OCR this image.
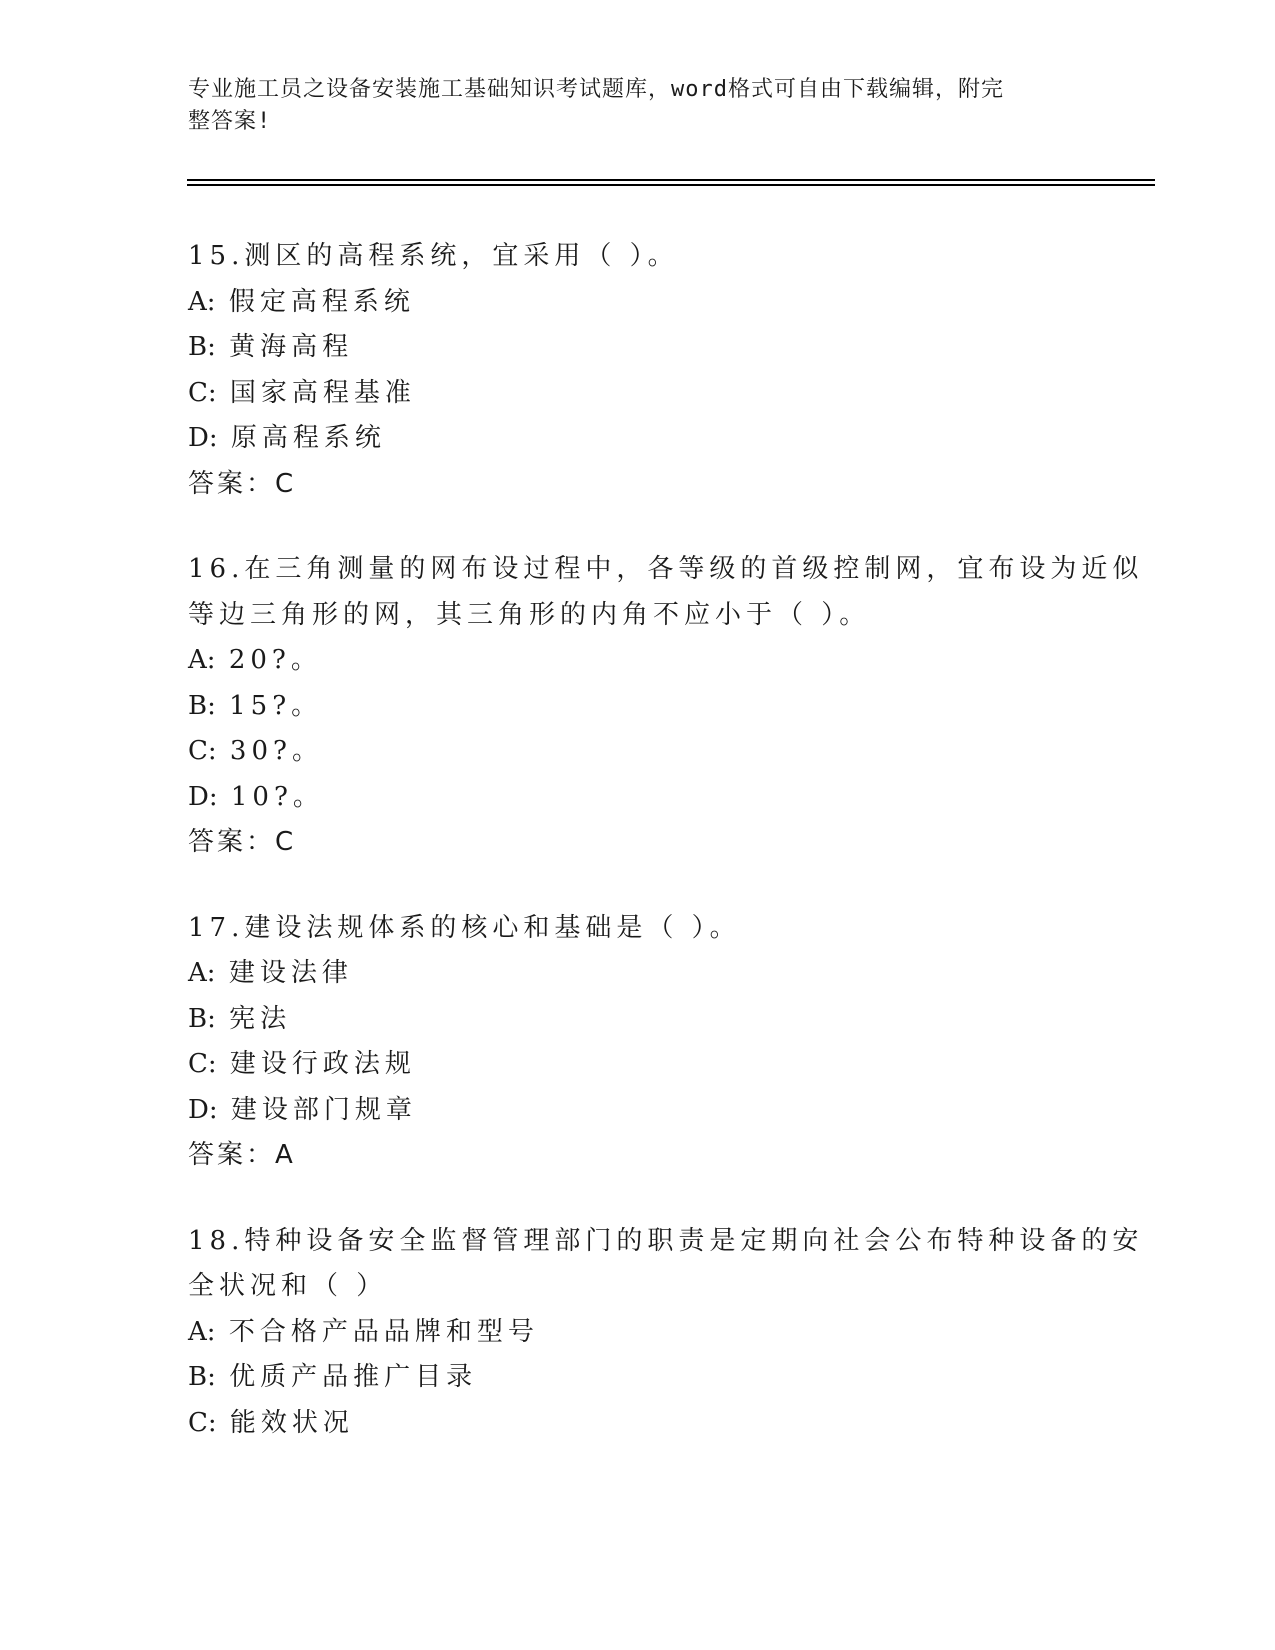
专业施工员之设备安装施工基础知识考试题库，word格式可自由下载编辑，附完
整答案!
15.测区的高程系统，宜采用（ ）。
A: 假定高程系统
B: 黄海高程
C: 国家高程基准
D: 原高程系统
答案：C
16.在三角测量的网布设过程中，各等级的首级控制网，宜布设为近似
等边三角形的网，其三角形的内角不应小于（ ）。
A: 20?。
B: 15?。
C: 30?。
D: 10?。
答案：C
17.建设法规体系的核心和基础是（ ）。
A: 建设法律
B: 宪法
C: 建设行政法规
D: 建设部门规章
答案：A
18.特种设备安全监督管理部门的职责是定期向社会公布特种设备的安
全状况和（ ）
A: 不合格产品品牌和型号
B: 优质产品推广目录
C: 能效状况
